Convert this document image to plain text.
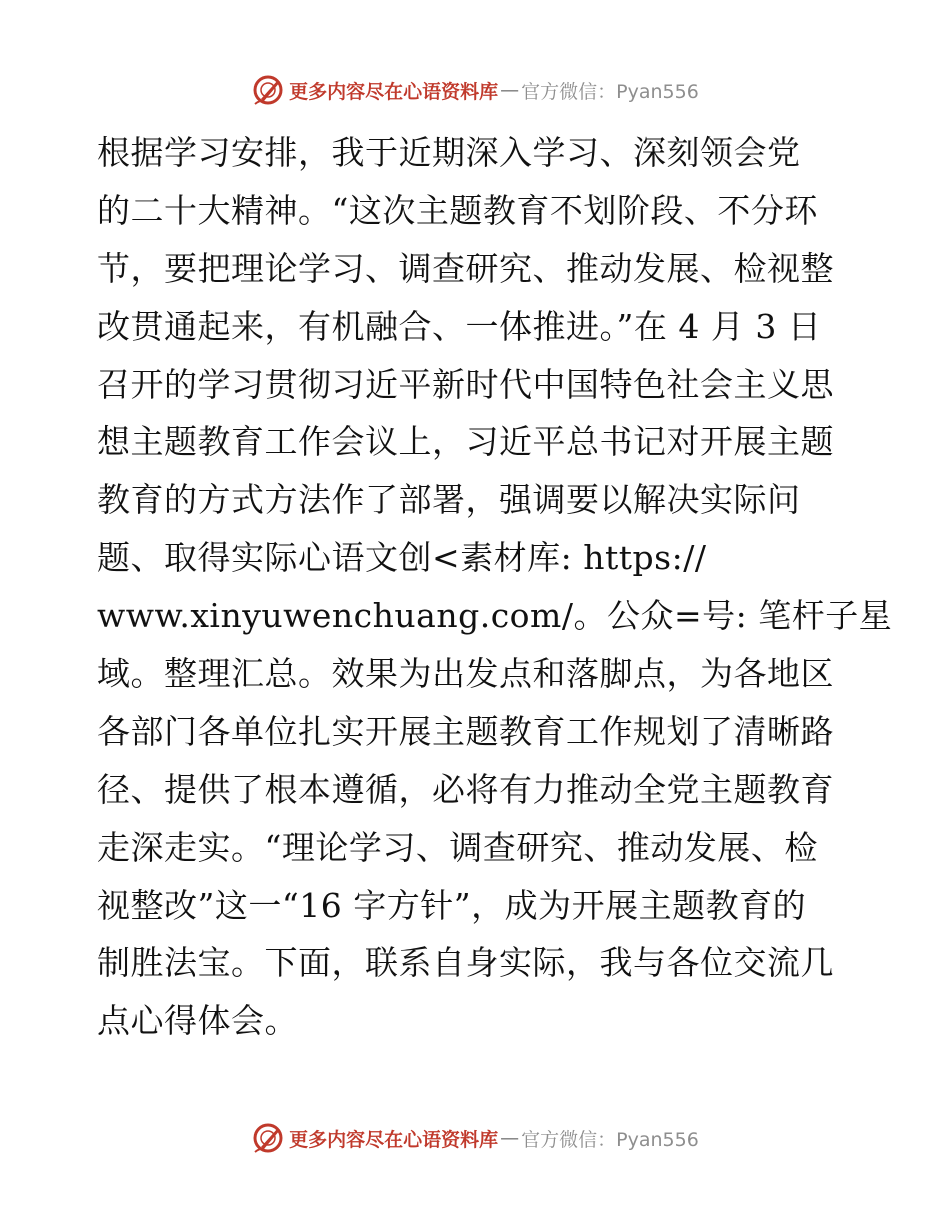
更多内容尽在心语资料库 — 官方微信：Pyan556
根据学习安排，我于近期深入学习、深刻领会党
的二十大精神。“这次主题教育不划阶段、不分环
节，要把理论学习、调查研究、推动发展、检视整
改贯通起来，有机融合、一体推进。”在 4 月 3 日
召开的学习贯彻习近平新时代中国特色社会主义思
想主题教育工作会议上，习近平总书记对开展主题
教育的方式方法作了部署，强调要以解决实际问
题、取得实际心语文创<素材库: https://
www.xinyuwenchuang.com/。公众=号: 笔杆子星
域。整理汇总。效果为出发点和落脚点，为各地区
各部门各单位扎实开展主题教育工作规划了清晰路
径、提供了根本遵循，必将有力推动全党主题教育
走深走实。“理论学习、调查研究、推动发展、检
视整改”这一“16 字方针”，成为开展主题教育的
制胜法宝。下面，联系自身实际，我与各位交流几
点心得体会。
更多内容尽在心语资料库 — 官方微信：Pyan556
